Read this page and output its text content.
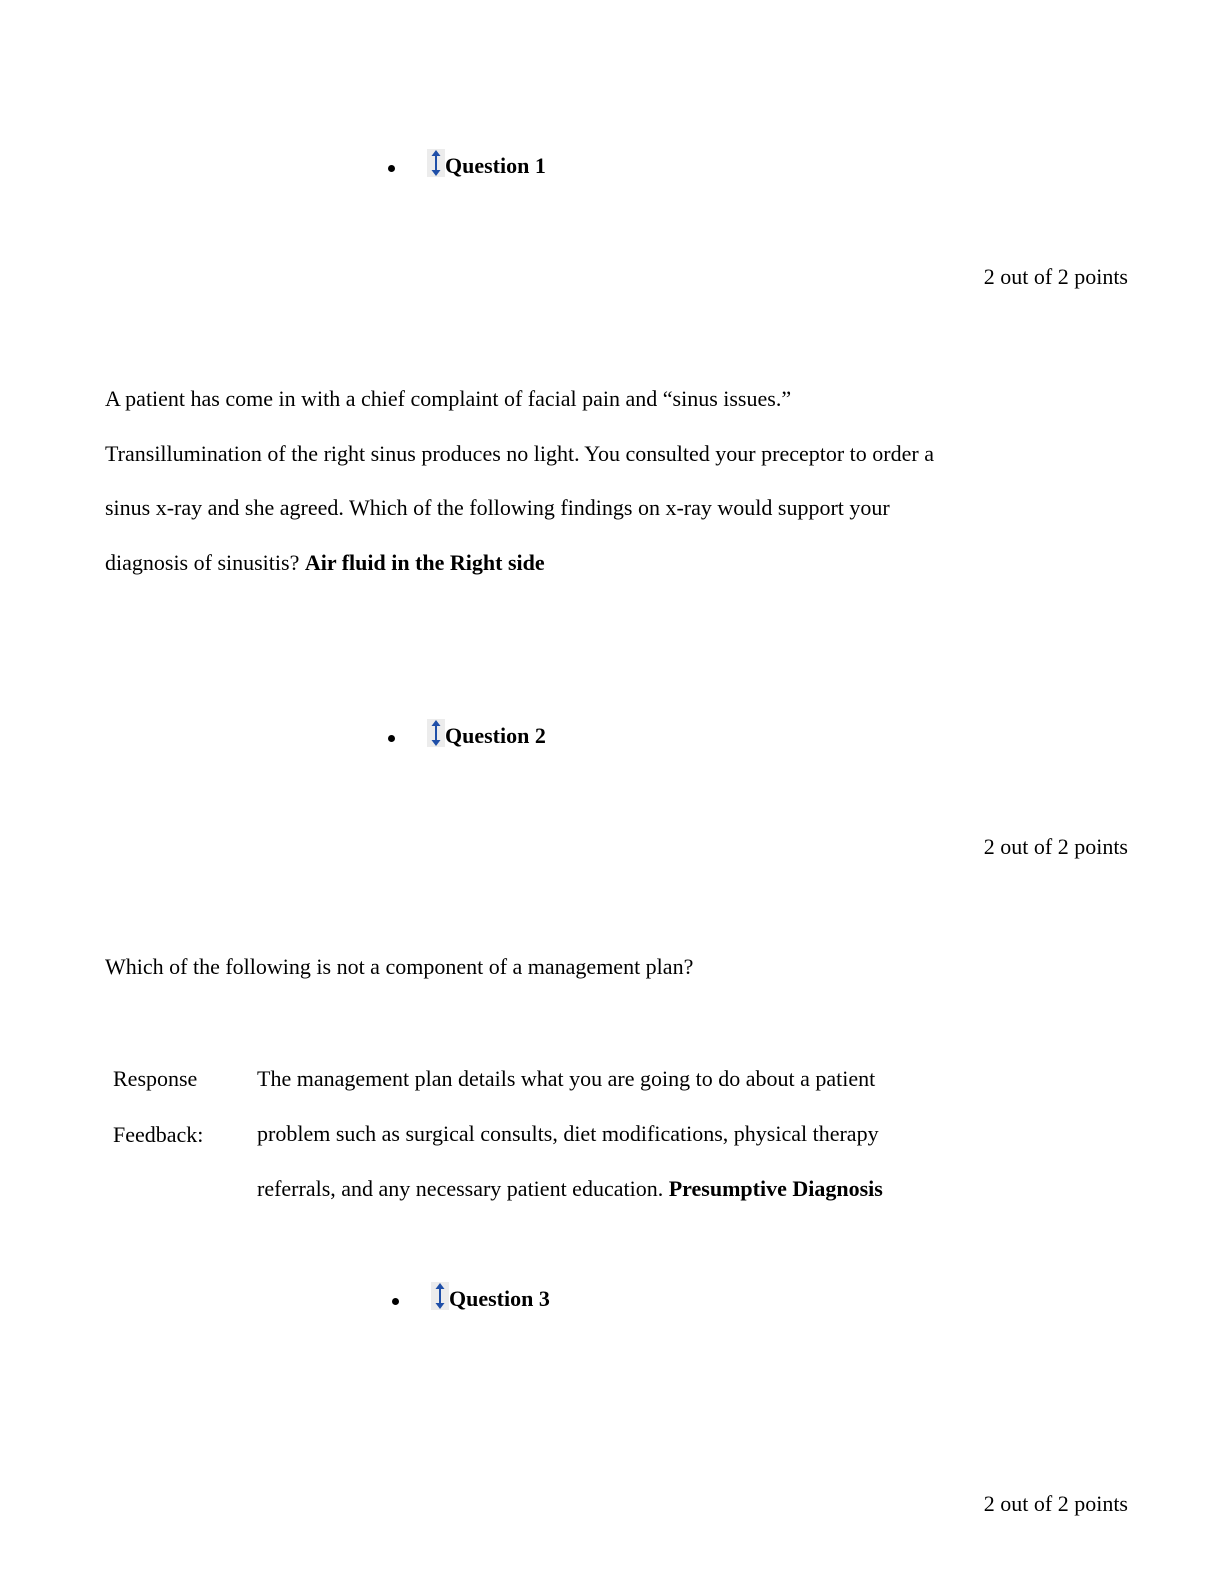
Question 1
2 out of 2 points
A patient has come in with a chief complaint of facial pain and “sinus issues.”
Transillumination of the right sinus produces no light. You consulted your preceptor to order a
sinus x-ray and she agreed. Which of the following findings on x-ray would support your
diagnosis of sinusitis? Air fluid in the Right side
Question 2
2 out of 2 points
Which of the following is not a component of a management plan?
Response
Feedback:
The management plan details what you are going to do about a patient
problem such as surgical consults, diet modifications, physical therapy
referrals, and any necessary patient education. Presumptive Diagnosis
Question 3
2 out of 2 points
